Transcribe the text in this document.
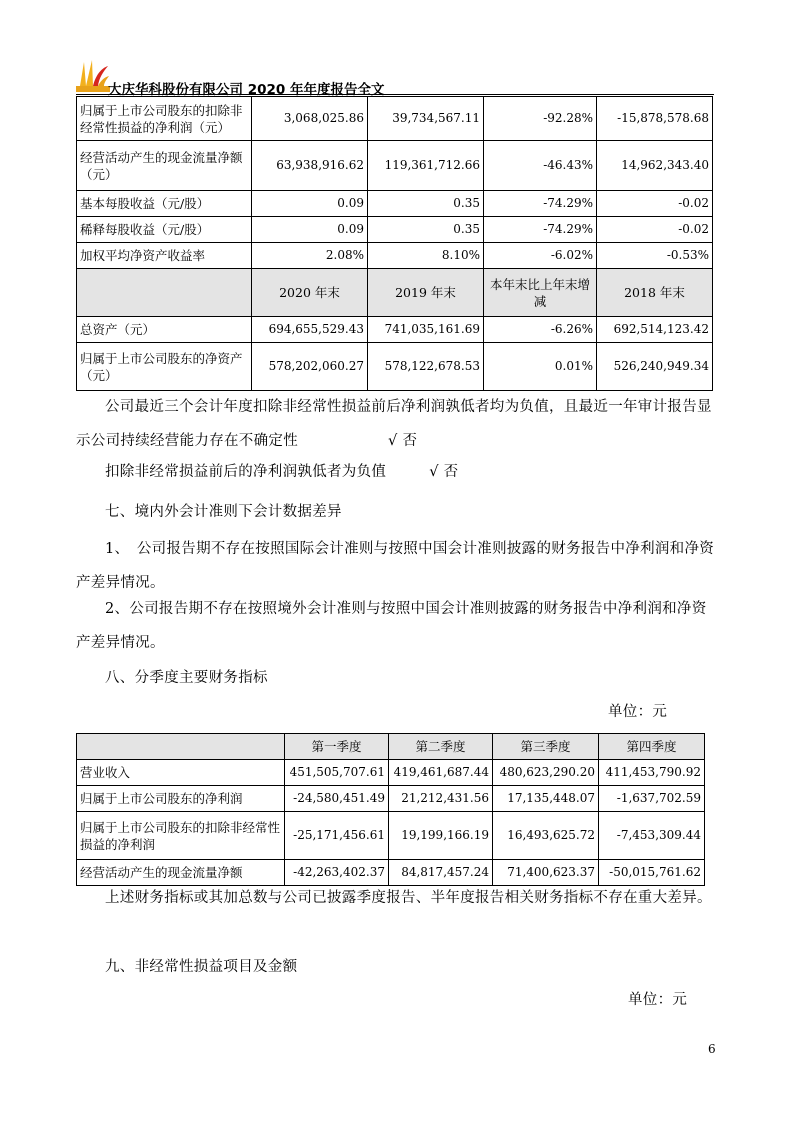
大庆华科股份有限公司 2020 年年度报告全文
归属于上市公司股东的扣除非经常性损益的净利润（元）	3,068,025.86	39,734,567.11	-92.28%	-15,878,578.68
经营活动产生的现金流量净额（元）	63,938,916.62	119,361,712.66	-46.43%	14,962,343.40
基本每股收益（元/股）	0.09	0.35	-74.29%	-0.02
稀释每股收益（元/股）	0.09	0.35	-74.29%	-0.02
加权平均净资产收益率	2.08%	8.10%	-6.02%	-0.53%
	2020 年末	2019 年末	本年末比上年末增减	2018 年末
总资产（元）	694,655,529.43	741,035,161.69	-6.26%	692,514,123.42
归属于上市公司股东的净资产（元）	578,202,060.27	578,122,678.53	0.01%	526,240,949.34
公司最近三个会计年度扣除非经常性损益前后净利润孰低者均为负值，且最近一年审计报告显示公司持续经营能力存在不确定性	√ 否
扣除非经常损益前后的净利润孰低者为负值	√ 否
七、境内外会计准则下会计数据差异
1、　公司报告期不存在按照国际会计准则与按照中国会计准则披露的财务报告中净利润和净资产差异情况。
2、公司报告期不存在按照境外会计准则与按照中国会计准则披露的财务报告中净利润和净资产差异情况。
八、分季度主要财务指标
单位：元
	第一季度	第二季度	第三季度	第四季度
营业收入	451,505,707.61	419,461,687.44	480,623,290.20	411,453,790.92
归属于上市公司股东的净利润	-24,580,451.49	21,212,431.56	17,135,448.07	-1,637,702.59
归属于上市公司股东的扣除非经常性损益的净利润	-25,171,456.61	19,199,166.19	16,493,625.72	-7,453,309.44
经营活动产生的现金流量净额	-42,263,402.37	84,817,457.24	71,400,623.37	-50,015,761.62
上述财务指标或其加总数与公司已披露季度报告、半年度报告相关财务指标不存在重大差异。
九、非经常性损益项目及金额
单位：元
6
